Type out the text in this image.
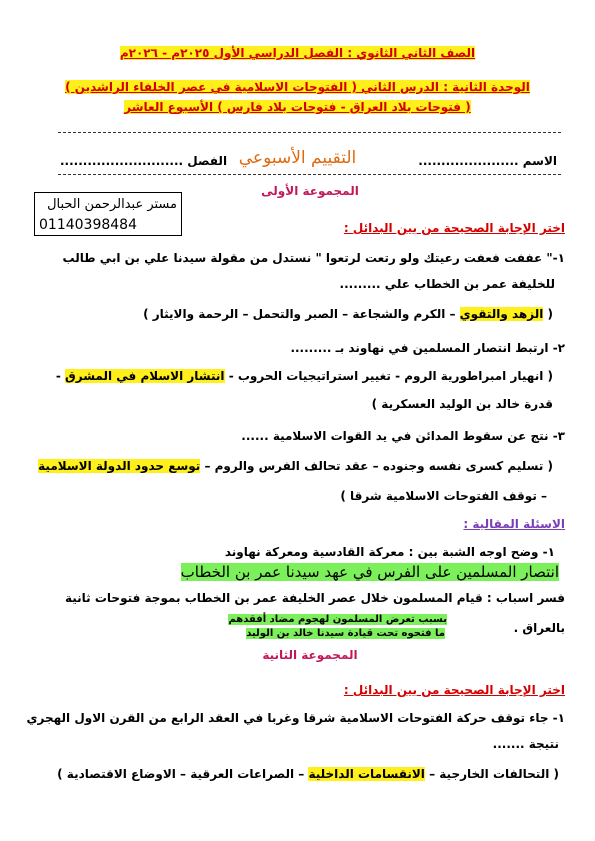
الصف الثاني الثانوي : الفصل الدراسي الأول ٢٠٢٥م - ٢٠٢٦م
الوحدة الثانية : الدرس الثاني ( الفتوحات الاسلامية في عصر الخلفاء الراشدين )
( فتوحات بلاد العراق - فتوحات بلاد فارس ) الأسبوع العاشر
الاسم ......................
التقييم الأسبوعي
الفصل ...........................
مستر عبدالرحمن الحبال
01140398484
المجموعة الأولى
اختر الإجابة الصحيحة من بين البدائل :
١-" عففت فعفت رعيتك ولو رتعت لرتعوا " نستدل من مقولة سيدنا علي بن ابي طالب
للخليفة عمر بن الخطاب علي .........
( الزهد والتقوي – الكرم والشجاعة – الصبر والتحمل – الرحمة والايثار )
٢- ارتبط انتصار المسلمين في نهاوند بـ .........
( انهيار امبراطورية الروم - تغيير استراتيجيات الحروب - انتشار الاسلام في المشرق -
قدرة خالد بن الوليد العسكرية )
٣- نتج عن سقوط المدائن في يد القوات الاسلامية ......
( تسليم كسرى نفسه وجنوده – عقد تحالف الفرس والروم – توسع حدود الدولة الاسلامية
– توقف الفتوحات الاسلامية شرقا )
الاسئلة المقالية :
١- وضح اوجه الشبة بين : معركة القادسية ومعركة نهاوند
انتصار المسلمين على الفرس في عهد سيدنا عمر بن الخطاب
فسر اسباب : قيام المسلمون خلال عصر الخليفة عمر بن الخطاب بموجة فتوحات ثانية
بالعراق .
بسبب تعرض المسلمون لهجوم مضاد أفقدهم
ما فتحوه تحت قيادة سيدنا خالد بن الوليد
المجموعة الثانية
اختر الإجابة الصحيحة من بين البدائل :
١- جاء توقف حركة الفتوحات الاسلامية شرقا وغربا في العقد الرابع من القرن الاول الهجري
نتيجة .......
( التحالفات الخارجية – الانقسامات الداخلية – الصراعات العرقية – الاوضاع الاقتصادية )
